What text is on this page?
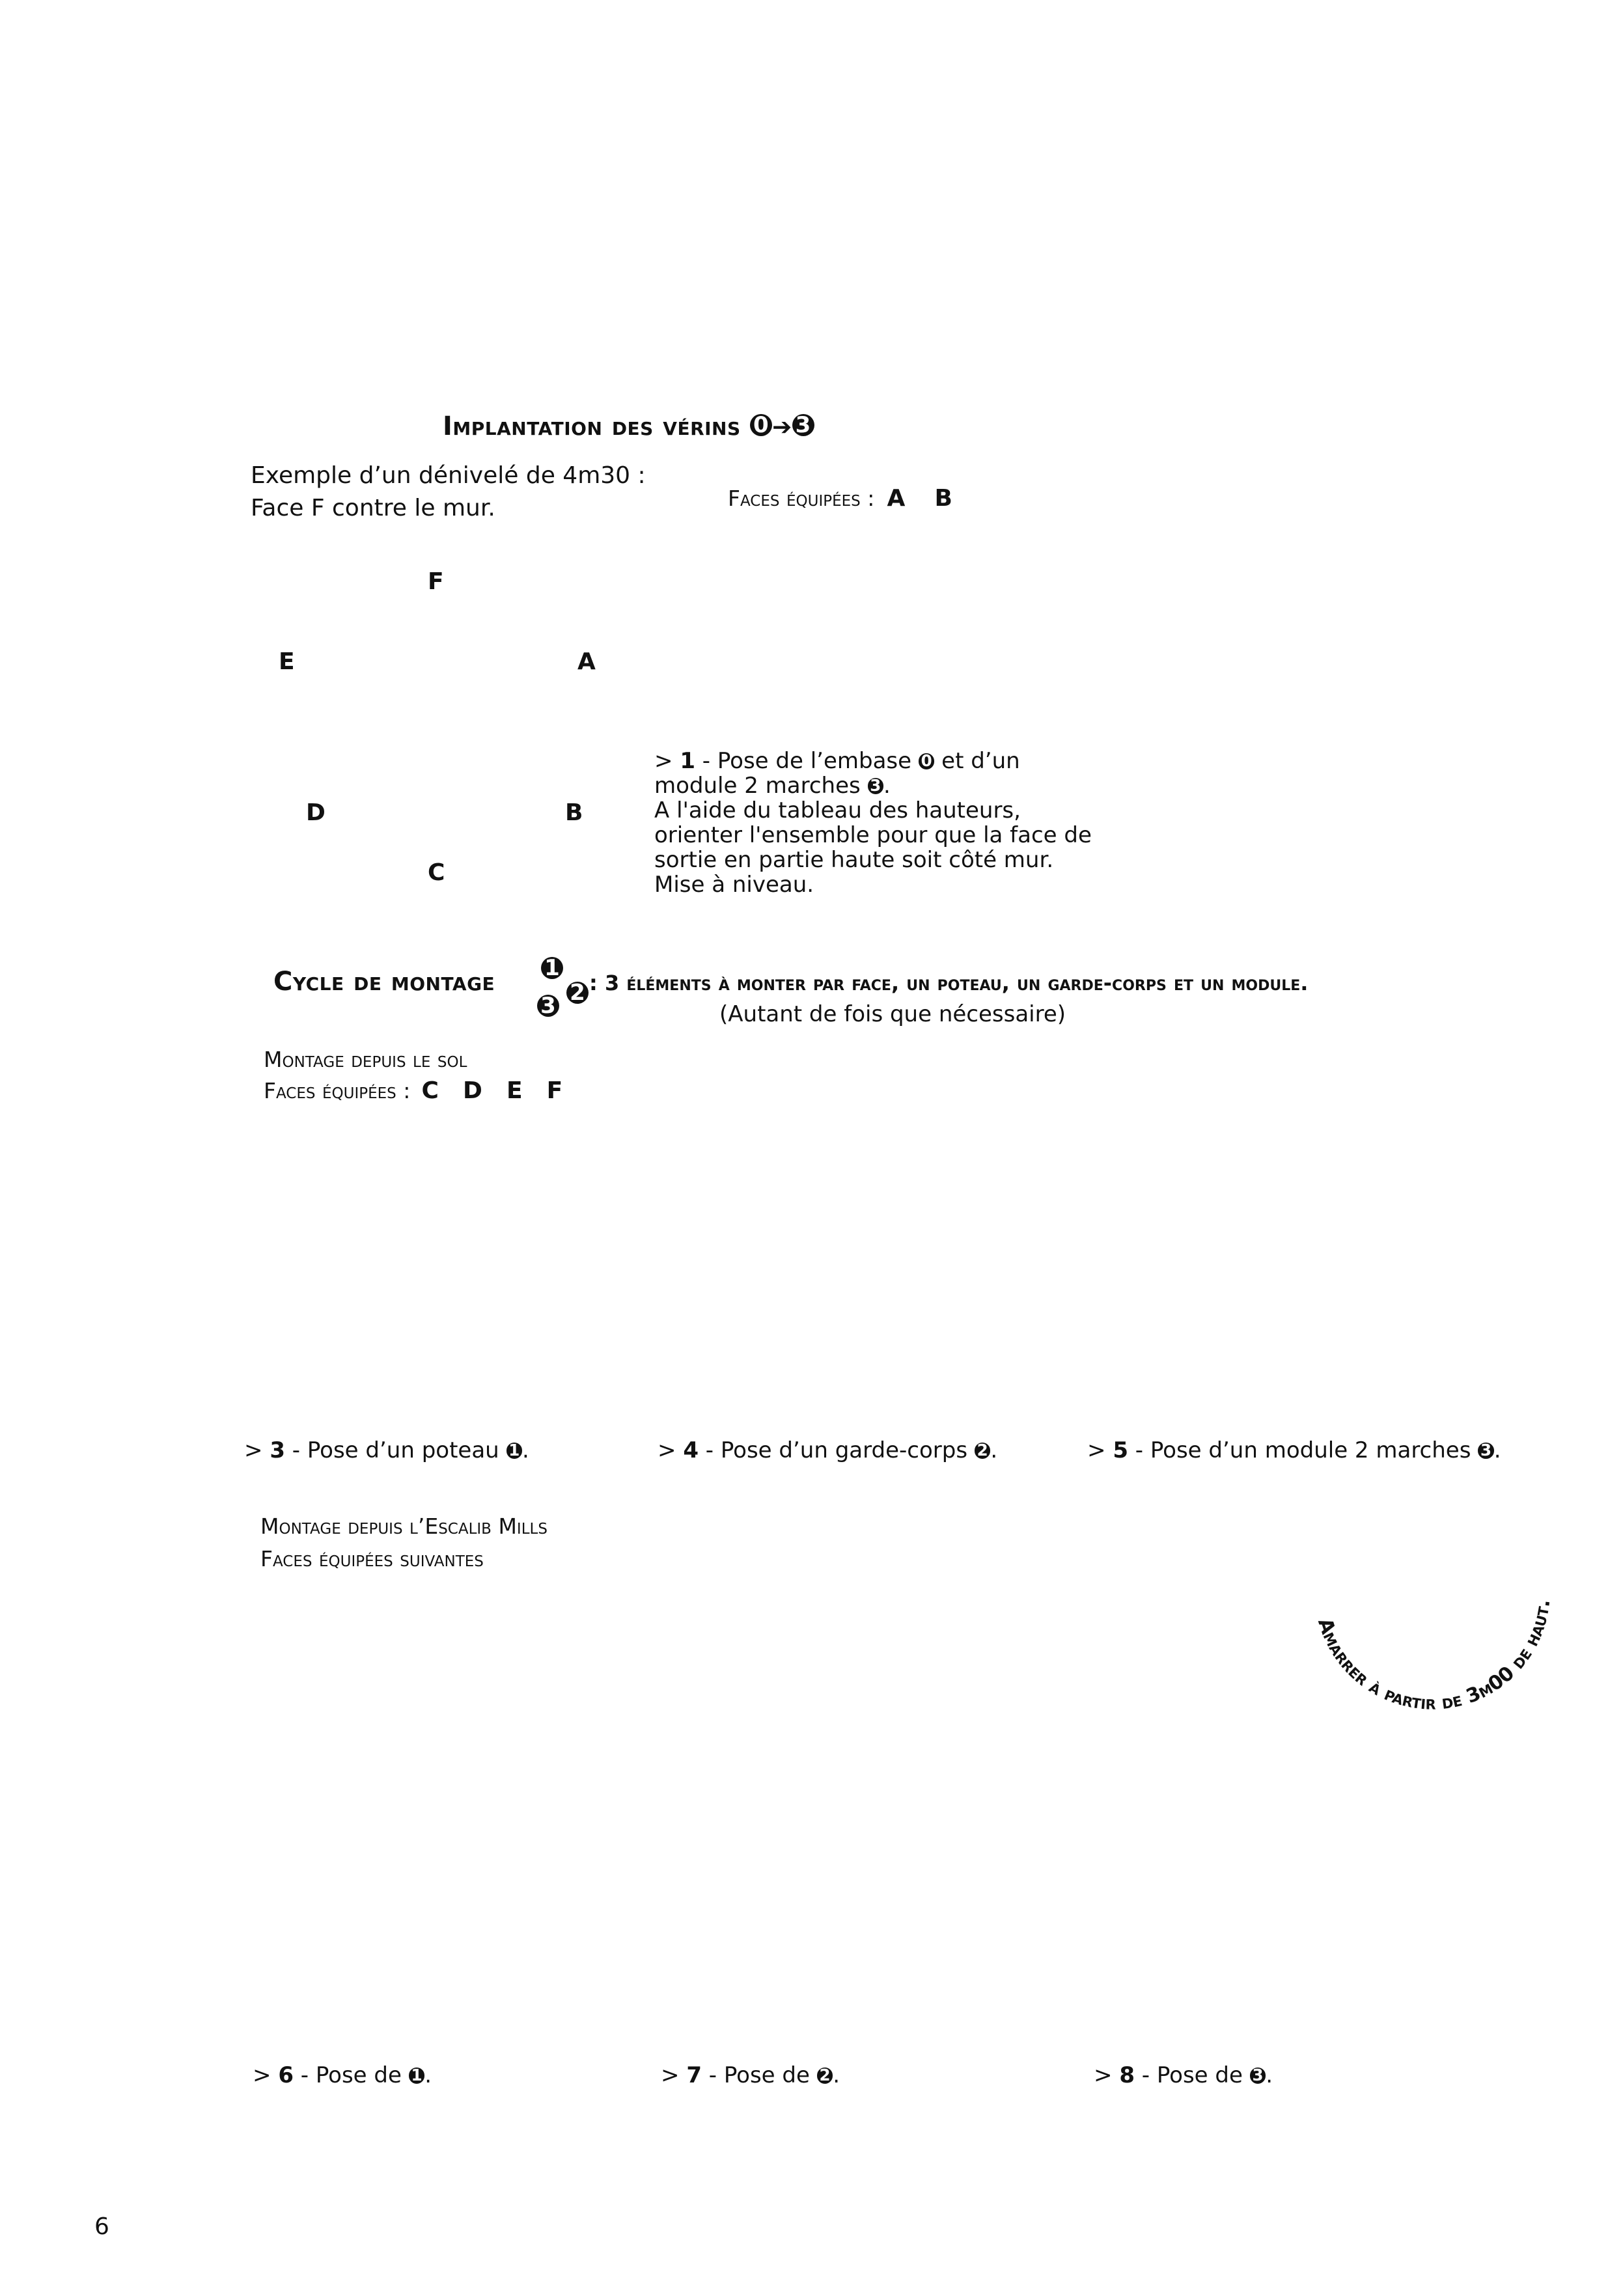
Implantation des vérins 0 ➔ 3
Exemple d’un dénivelé de 4m30 :
Face F contre le mur.	Faces équipées : A B
F
E	A
D	B
C
> 1 - Pose de l’embase 0 et d’un
module 2 marches 3 .
A l'aide du tableau des hauteurs,
orienter l'ensemble pour que la face de
sortie en partie haute soit côté mur.
Mise à niveau.
Cycle de montage 1
2
3
: 3 éléments à monter par face, un poteau, un garde-corps et un module.
(Autant de fois que nécessaire)
Montage depuis le sol
Faces équipées : C D E F
> 3 - Pose d’un poteau 1 .	> 4 - Pose d’un garde-corps 2 .	> 5 - Pose d’un module 2 marches 3 .
Montage depuis l’Escalib Mills
Faces équipées suivantes
Amarrer à partir de 3m00 de haut.
> 6 - Pose de 1 .	> 7 - Pose de 2 .	> 8 - Pose de 3 .
6
